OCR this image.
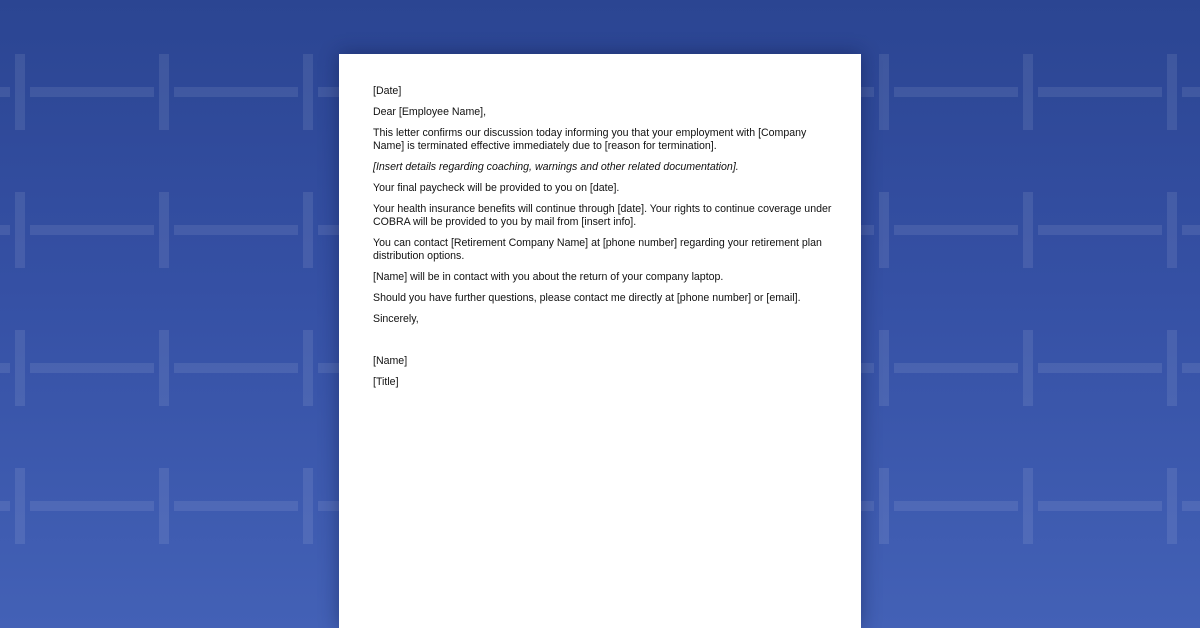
[Date]

Dear [Employee Name],

This letter confirms our discussion today informing you that your employment with [Company Name] is terminated effective immediately due to [reason for termination].

[Insert details regarding coaching, warnings and other related documentation].

Your final paycheck will be provided to you on [date].

Your health insurance benefits will continue through [date]. Your rights to continue coverage under COBRA will be provided to you by mail from [insert info].

You can contact [Retirement Company Name] at [phone number] regarding your retirement plan distribution options.

[Name] will be in contact with you about the return of your company laptop.

Should you have further questions, please contact me directly at [phone number] or [email].

Sincerely,

[Name]

[Title]
